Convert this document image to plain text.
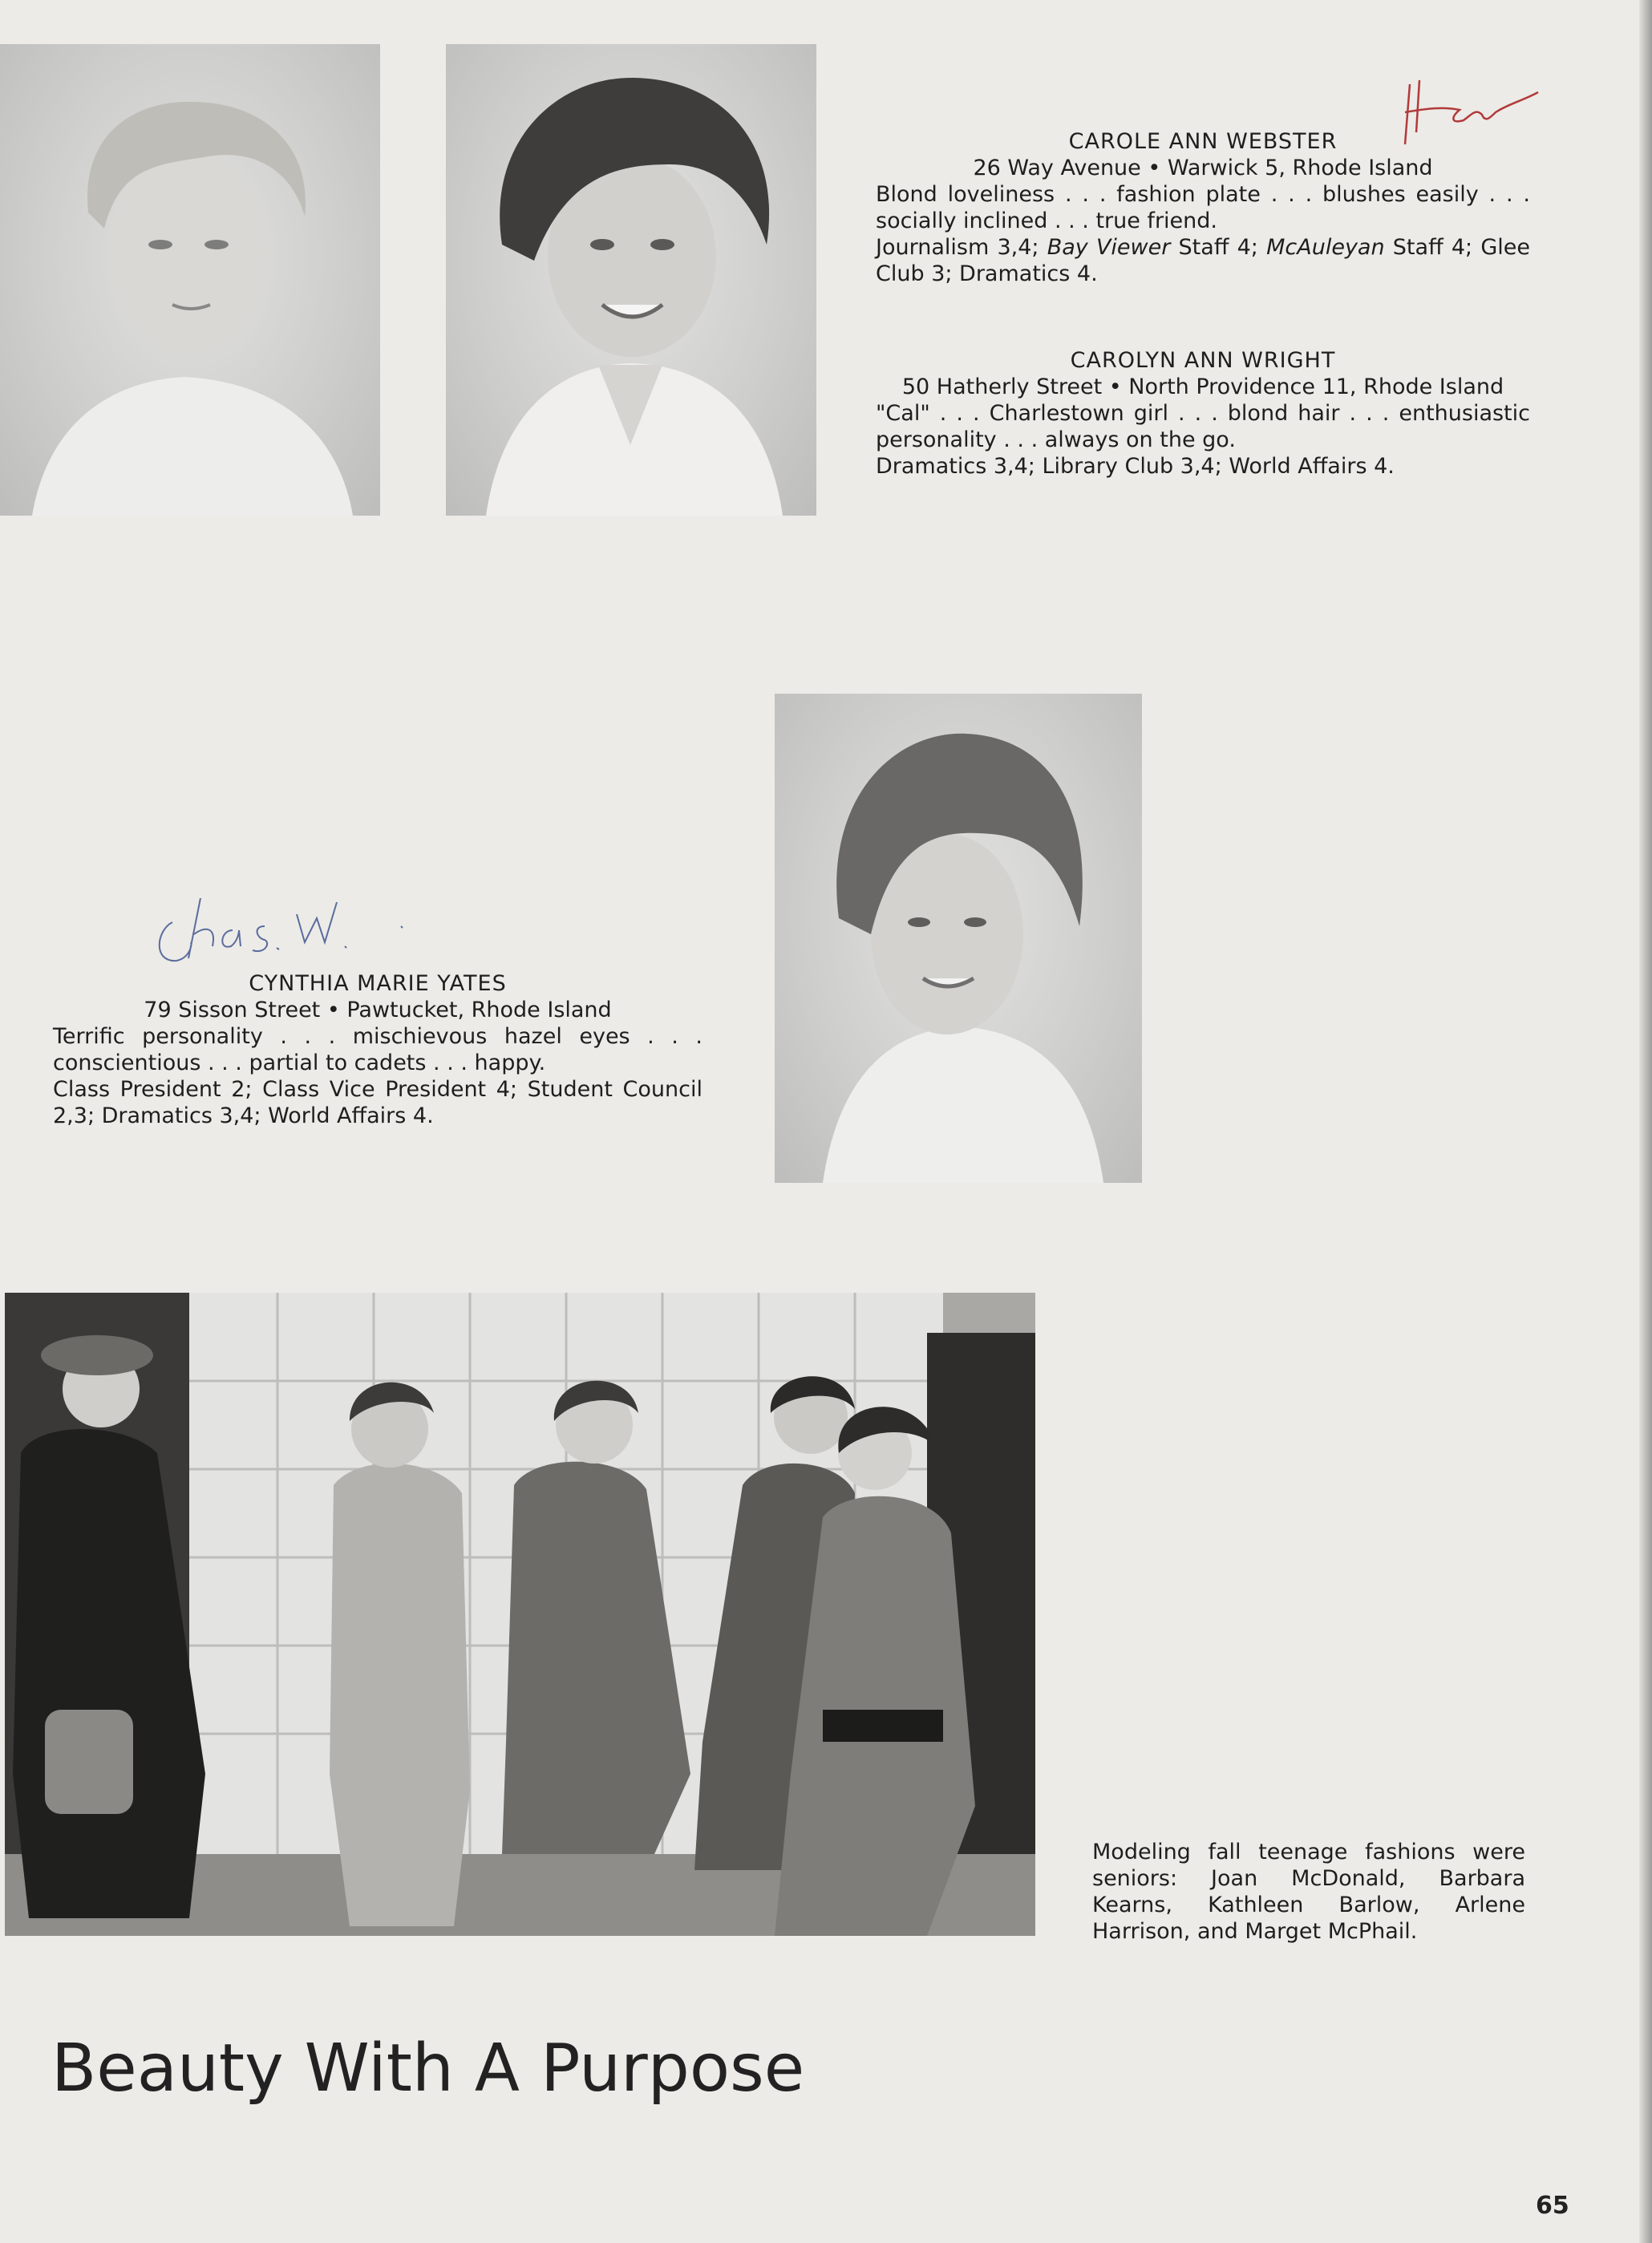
CAROLE ANN WEBSTER
26 Way Avenue • Warwick 5, Rhode Island
Blond loveliness . . . fashion plate . . . blushes easily . . . socially inclined . . . true friend.
Journalism 3,4; Bay Viewer Staff 4; McAuleyan Staff 4; Glee Club 3; Dramatics 4.
CAROLYN ANN WRIGHT
50 Hatherly Street • North Providence 11, Rhode Island
"Cal" . . . Charlestown girl . . . blond hair . . . enthusiastic personality . . . always on the go.
Dramatics 3,4; Library Club 3,4; World Affairs 4.
CYNTHIA MARIE YATES
79 Sisson Street • Pawtucket, Rhode Island
Terrific personality . . . mischievous hazel eyes . . . conscientious . . . partial to cadets . . . happy.
Class President 2; Class Vice President 4; Student Council 2,3; Dramatics 3,4; World Affairs 4.
Modeling fall teenage fashions were seniors: Joan McDonald, Barbara Kearns, Kathleen Barlow, Arlene Harrison, and Marget McPhail.
Beauty With A Purpose
65
